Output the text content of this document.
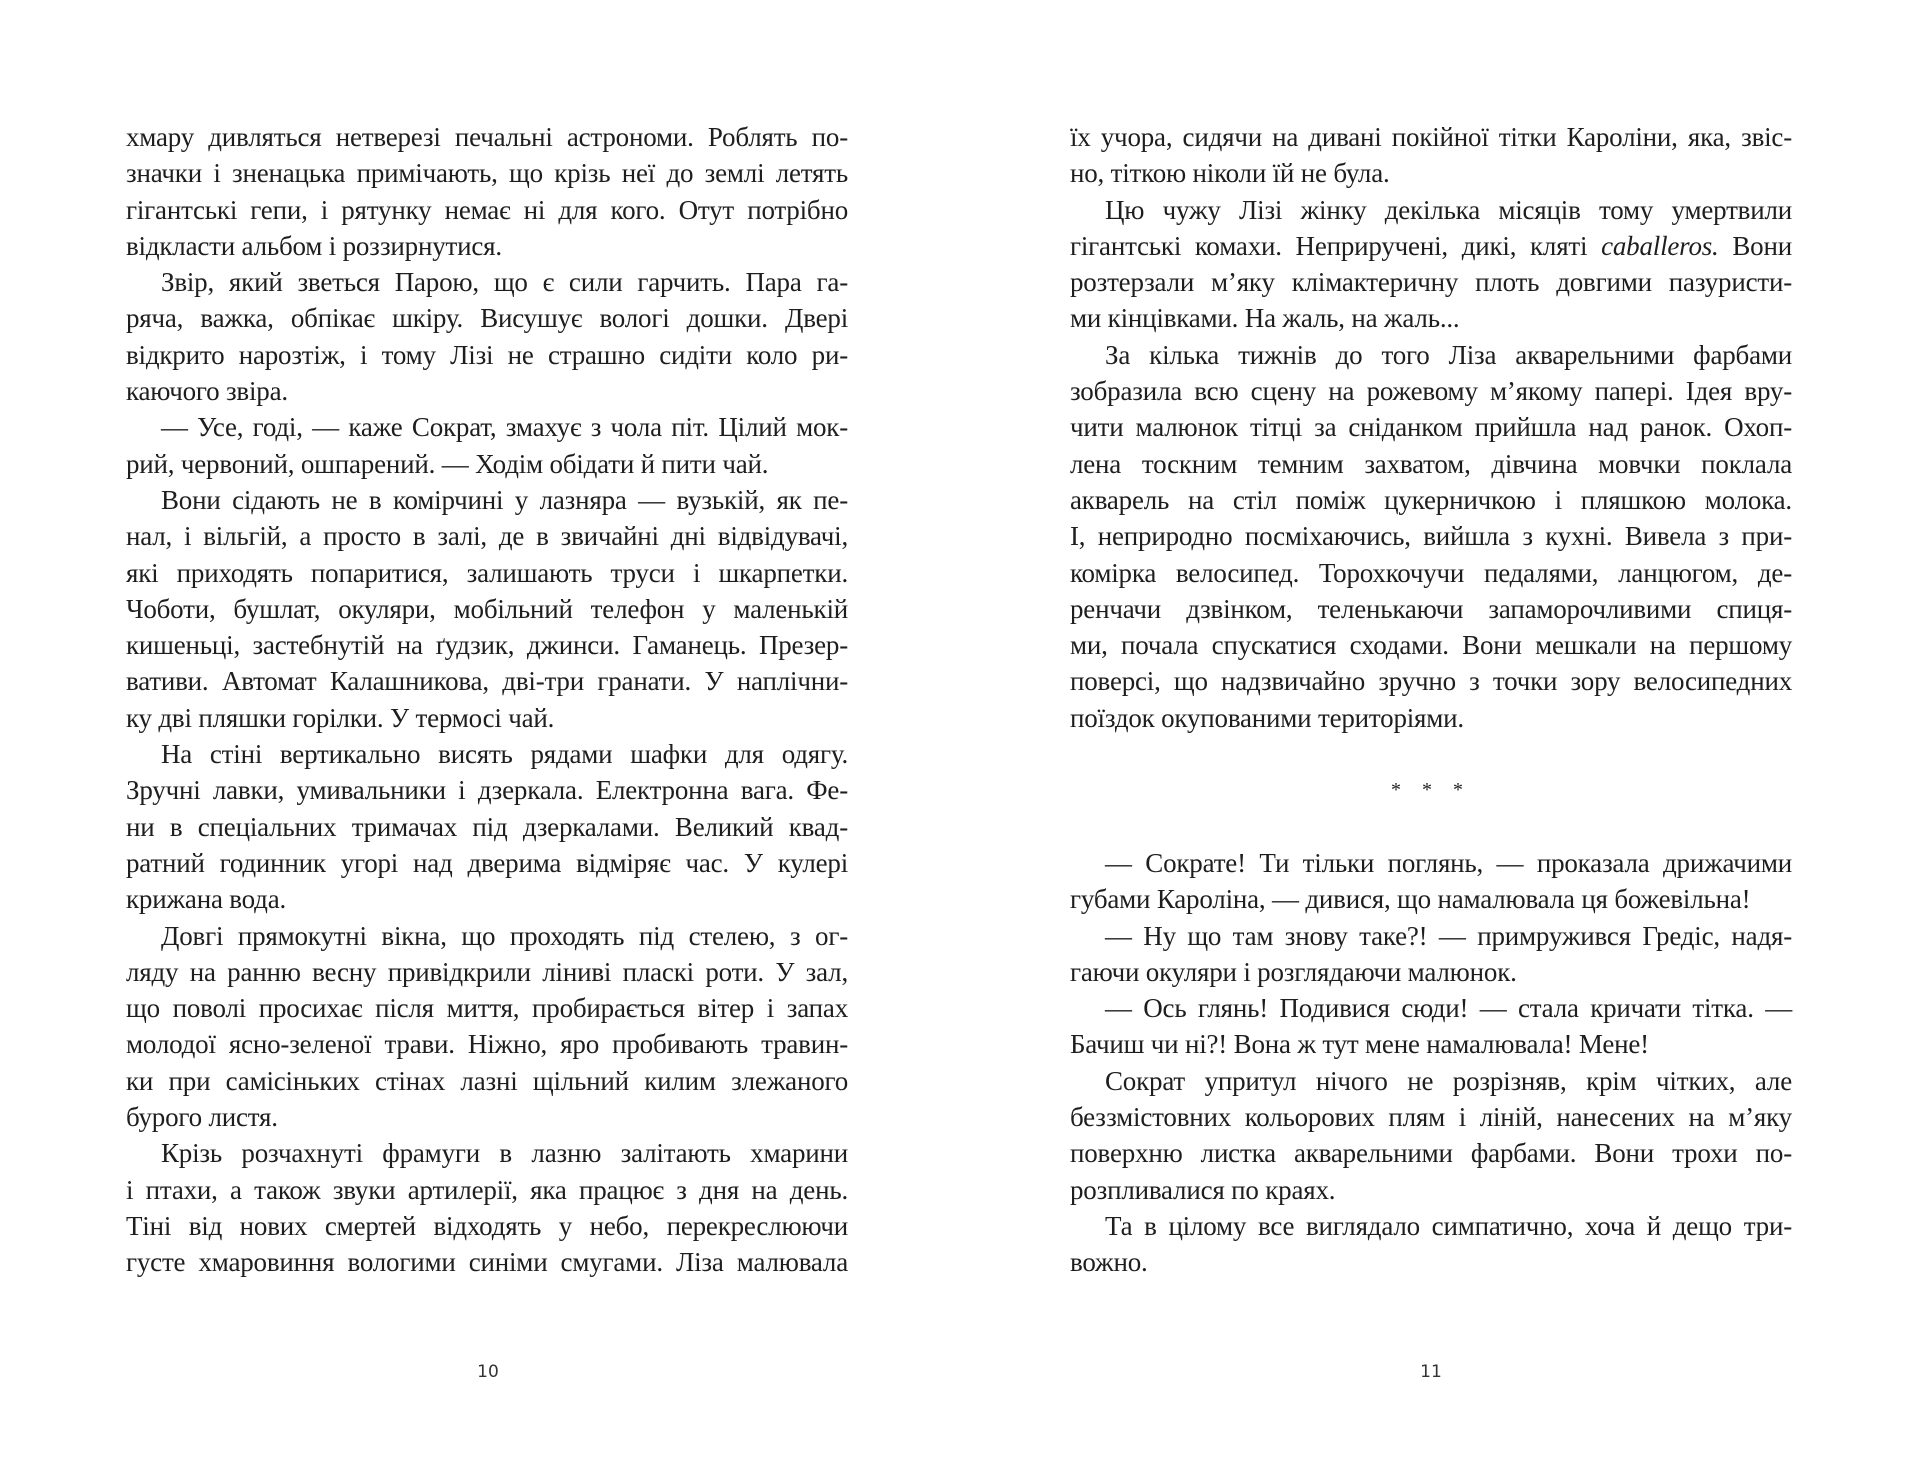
хмару дивляться нетверезі печальні астрономи. Роблять по-
значки і зненацька примічають, що крізь неї до землі летять
гігантські гепи, і рятунку немає ні для кого. Отут потрібно
відкласти альбом і роззирнутися.
Звір, який зветься Парою, що є сили гарчить. Пара га-
ряча, важка, обпікає шкіру. Висушує вологі дошки. Двері
відкрито нарозтіж, і тому Лізі не страшно сидіти коло ри-
каючого звіра.
— Усе, годі, — каже Сократ, змахує з чола піт. Цілий мок-
рий, червоний, ошпарений. — Ходім обідати й пити чай.
Вони сідають не в комірчині у лазняра — вузькій, як пе-
нал, і вільгій, а просто в залі, де в звичайні дні відвідувачі,
які приходять попаритися, залишають труси і шкарпетки.
Чоботи, бушлат, окуляри, мобільний телефон у маленькій
кишеньці, застебнутій на ґудзик, джинси. Гаманець. Презер-
вативи. Автомат Калашникова, дві-три гранати. У наплічни-
ку дві пляшки горілки. У термосі чай.
На стіні вертикально висять рядами шафки для одягу.
Зручні лавки, умивальники і дзеркала. Електронна вага. Фе-
ни в спеціальних тримачах під дзеркалами. Великий квад-
ратний годинник угорі над дверима відміряє час. У кулері
крижана вода.
Довгі прямокутні вікна, що проходять під стелею, з ог-
ляду на ранню весну привідкрили ліниві пласкі роти. У зал,
що поволі просихає після миття, пробирається вітер і запах
молодої ясно-зеленої трави. Ніжно, яро пробивають травин-
ки при самісіньких стінах лазні щільний килим злежаного
бурого листя.
Крізь розчахнуті фрамуги в лазню залітають хмарини
і птахи, а також звуки артилерії, яка працює з дня на день.
Тіні від нових смертей відходять у небо, перекреслюючи
густе хмаровиння вологими синіми смугами. Ліза малювала
їх учора, сидячи на дивані покійної тітки Кароліни, яка, звіс-
но, тіткою ніколи їй не була.
Цю чужу Лізі жінку декілька місяців тому умертвили
гігантські комахи. Неприручені, дикі, кляті caballeros. Вони
розтерзали м’яку клімактеричну плоть довгими пазуристи-
ми кінцівками. На жаль, на жаль...
За кілька тижнів до того Ліза акварельними фарбами
зобразила всю сцену на рожевому м’якому папері. Ідея вру-
чити малюнок тітці за сніданком прийшла над ранок. Охоп-
лена тоскним темним захватом, дівчина мовчки поклала
акварель на стіл поміж цукерничкою і пляшкою молока.
І, неприродно посміхаючись, вийшла з кухні. Вивела з при-
комірка велосипед. Торохкочучи педалями, ланцюгом, де-
ренчачи дзвінком, теленькаючи запаморочливими спиця-
ми, почала спускатися сходами. Вони мешкали на першому
поверсі, що надзвичайно зручно з точки зору велосипедних
поїздок окупованими територіями.
* * *
— Сократе! Ти тільки поглянь, — проказала дрижачими
губами Кароліна, — дивися, що намалювала ця божевільна!
— Ну що там знову таке?! — примружився Гредіс, надя-
гаючи окуляри і розглядаючи малюнок.
— Ось глянь! Подивися сюди! — стала кричати тітка. —
Бачиш чи ні?! Вона ж тут мене намалювала! Мене!
Сократ упритул нічого не розрізняв, крім чітких, але
беззмістовних кольорових плям і ліній, нанесених на м’яку
поверхню листка акварельними фарбами. Вони трохи по-
розпливалися по краях.
Та в цілому все виглядало симпатично, хоча й дещо три-
вожно.
10	11
